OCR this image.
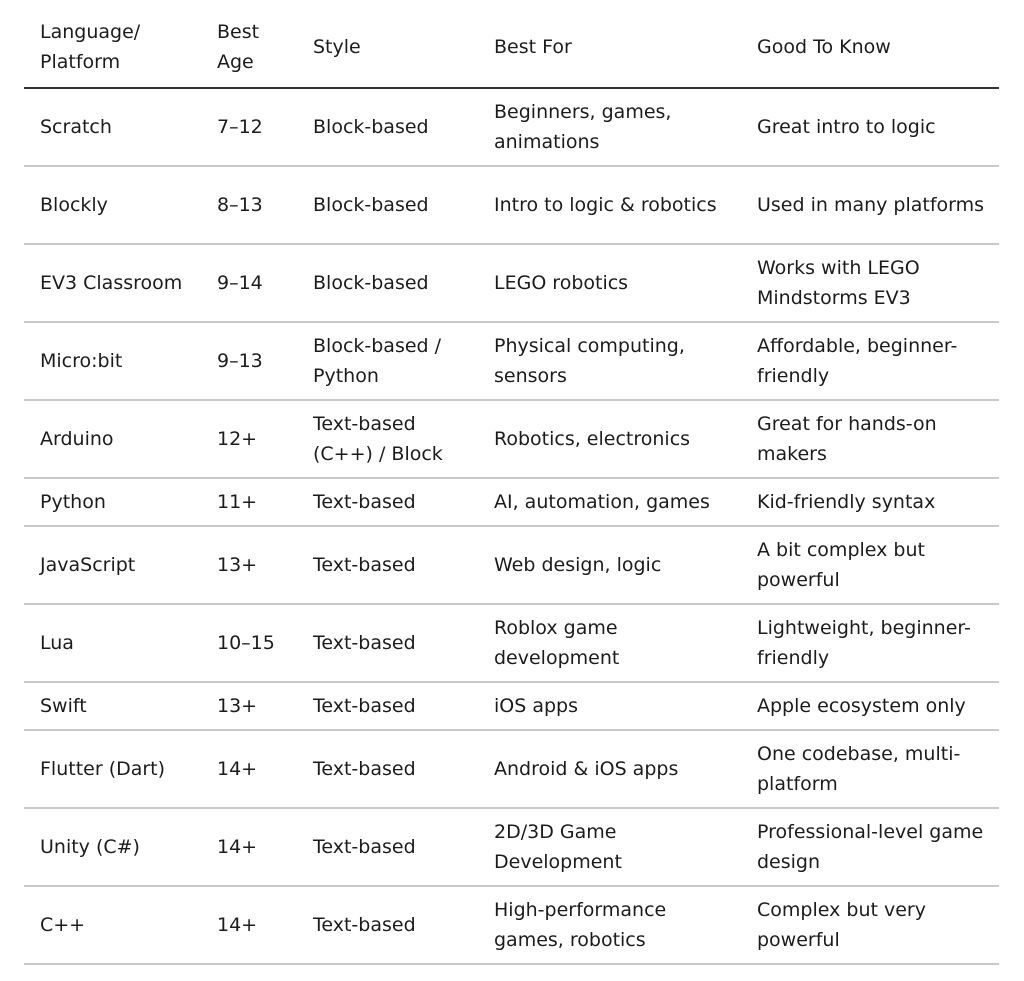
Language/ Platform	Best Age	Style	Best For	Good To Know
Scratch	7–12	Block-based	Beginners, games, animations	Great intro to logic
Blockly	8–13	Block-based	Intro to logic & robotics	Used in many platforms
EV3 Classroom	9–14	Block-based	LEGO robotics	Works with LEGO Mindstorms EV3
Micro:bit	9–13	Block-based / Python	Physical computing, sensors	Affordable, beginner-friendly
Arduino	12+	Text-based (C++) / Block	Robotics, electronics	Great for hands-on makers
Python	11+	Text-based	AI, automation, games	Kid-friendly syntax
JavaScript	13+	Text-based	Web design, logic	A bit complex but powerful
Lua	10–15	Text-based	Roblox game development	Lightweight, beginner-friendly
Swift	13+	Text-based	iOS apps	Apple ecosystem only
Flutter (Dart)	14+	Text-based	Android & iOS apps	One codebase, multi-platform
Unity (C#)	14+	Text-based	2D/3D Game Development	Professional-level game design
C++	14+	Text-based	High-performance games, robotics	Complex but very powerful
